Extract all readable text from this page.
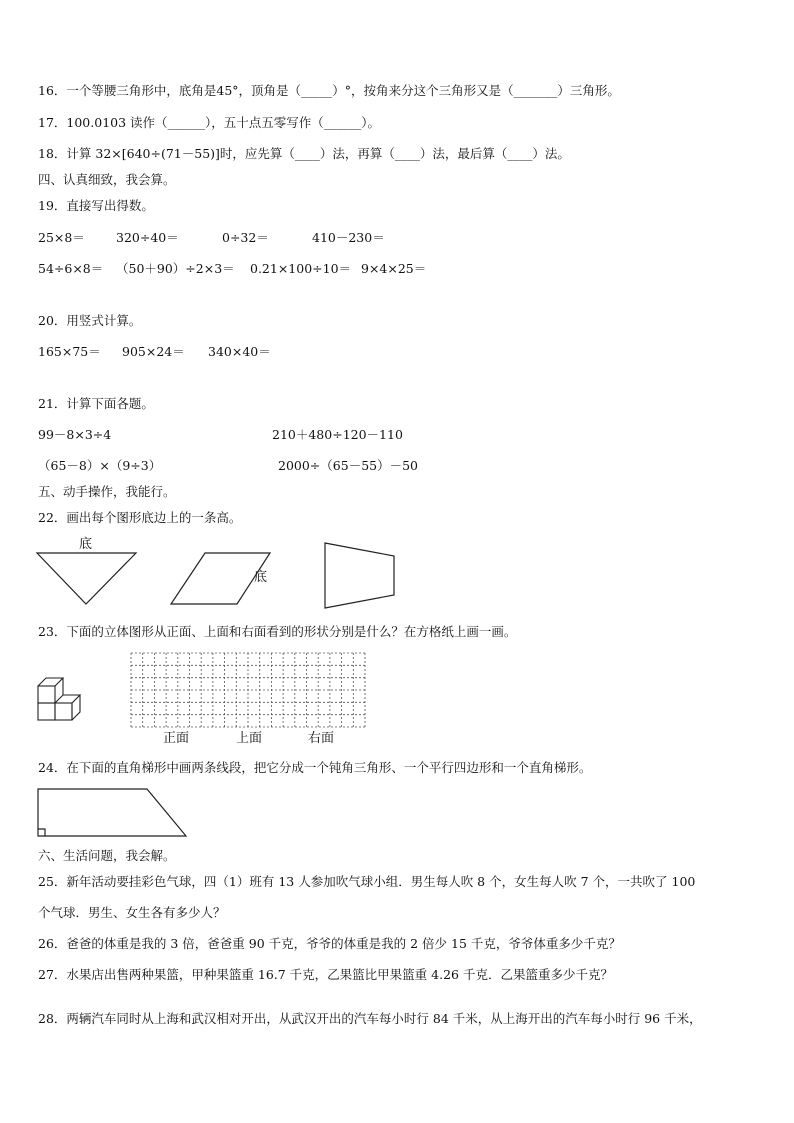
16．一个等腰三角形中，底角是45°，顶角是（_____）°，按角来分这个三角形又是（_______）三角形。
17．100.0103 读作（______），五十点五零写作（______）。
18．计算 32×[640÷(71－55)]时，应先算（____）法，再算（____）法，最后算（____）法。
四、认真细致，我会算。
19．直接写出得数。
25×8＝ 320÷40＝	0÷32＝	410－230＝
54÷6×8＝ （50＋90）÷2×3＝ 0.21×100÷10＝ 9×4×25＝
20．用竖式计算。
165×75＝ 905×24＝ 340×40＝
21．计算下面各题。
99－8×3÷4	210＋480÷120－110
（65－8）×（9÷3）	2000÷（65－55）－50
五、动手操作，我能行。
22．画出每个图形底边上的一条高。
底
底
23．下面的立体图形从正面、上面和右面看到的形状分别是什么？在方格纸上画一画。
正面	上面	右面
24．在下面的直角梯形中画两条线段，把它分成一个钝角三角形、一个平行四边形和一个直角梯形。
六、生活问题，我会解。
25．新年活动要挂彩色气球，四（1）班有 13 人参加吹气球小组．男生每人吹 8 个，女生每人吹 7 个，一共吹了 100
个气球．男生、女生各有多少人？
26．爸爸的体重是我的 3 倍，爸爸重 90 千克，爷爷的体重是我的 2 倍少 15 千克，爷爷体重多少千克？
27．水果店出售两种果篮，甲种果篮重 16.7 千克，乙果篮比甲果篮重 4.26 千克．乙果篮重多少千克？
28．两辆汽车同时从上海和武汉相对开出，从武汉开出的汽车每小时行 84 千米，从上海开出的汽车每小时行 96 千米，
